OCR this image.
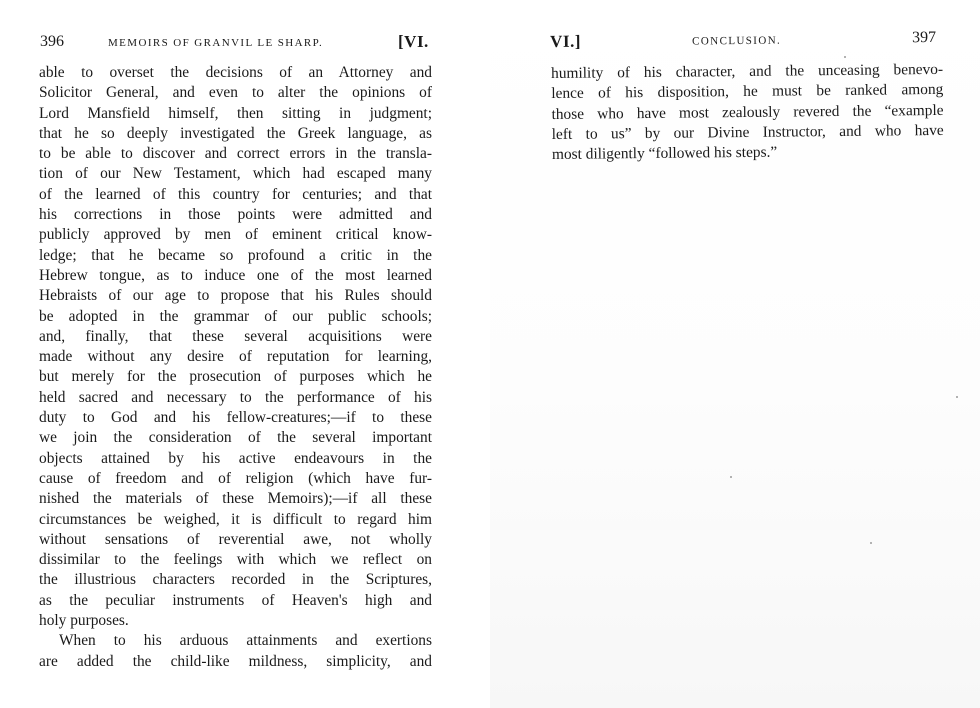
396	MEMOIRS OF GRANVIL LE SHARP.	[VI.
able to overset the decisions of an Attorney and
Solicitor General, and even to alter the opinions of
Lord Mansfield himself, then sitting in judgment;
that he so deeply investigated the Greek language, as
to be able to discover and correct errors in the transla-
tion of our New Testament, which had escaped many
of the learned of this country for centuries; and that
his corrections in those points were admitted and
publicly approved by men of eminent critical know-
ledge; that he became so profound a critic in the
Hebrew tongue, as to induce one of the most learned
Hebraists of our age to propose that his Rules should
be adopted in the grammar of our public schools;
and, finally, that these several acquisitions were
made without any desire of reputation for learning,
but merely for the prosecution of purposes which he
held sacred and necessary to the performance of his
duty to God and his fellow-creatures;—if to these
we join the consideration of the several important
objects attained by his active endeavours in the
cause of freedom and of religion (which have fur-
nished the materials of these Memoirs);—if all these
circumstances be weighed, it is difficult to regard him
without sensations of reverential awe, not wholly
dissimilar to the feelings with which we reflect on
the illustrious characters recorded in the Scriptures,
as the peculiar instruments of Heaven's high and
holy purposes.
When to his arduous attainments and exertions
are added the child-like mildness, simplicity, and
VI.]	CONCLUSION.	397
humility of his character, and the unceasing benevo-
lence of his disposition, he must be ranked among
those who have most zealously revered the “example
left to us” by our Divine Instructor, and who have
most diligently “followed his steps.”
